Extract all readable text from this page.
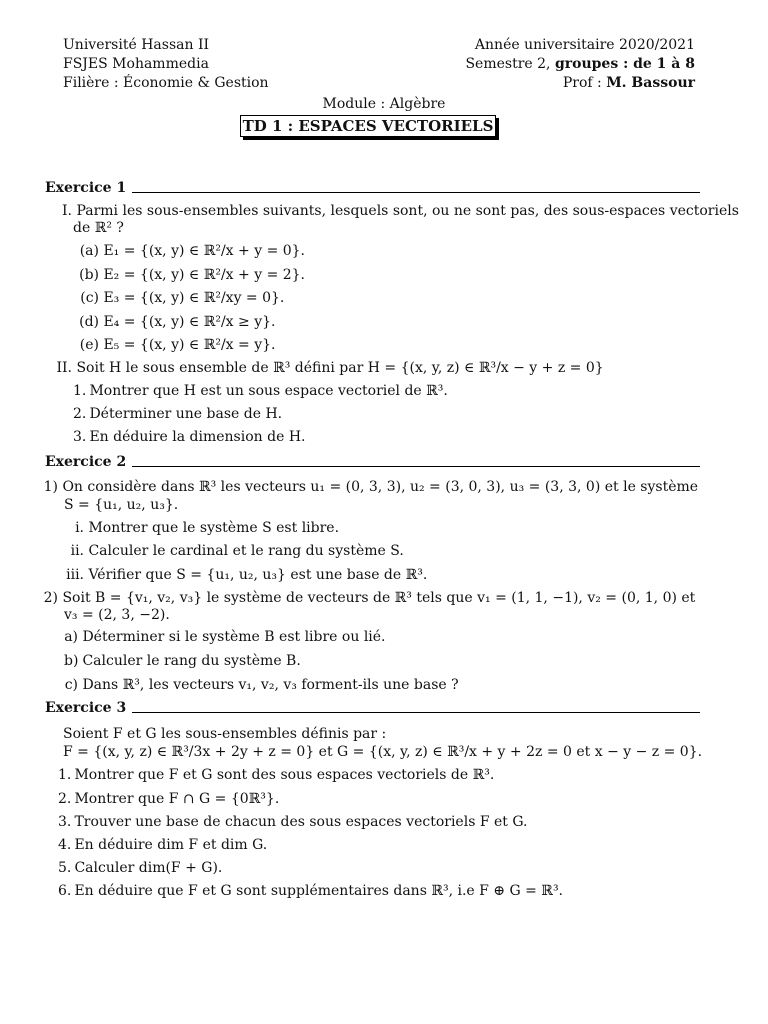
Université Hassan II
FSJES Mohammedia
Filière : Économie & Gestion
Année universitaire 2020/2021
Semestre 2, groupes : de 1 à 8
Prof : M. Bassour
Module : Algèbre
TD 1 : ESPACES VECTORIELS
Exercice 1
I. Parmi les sous-ensembles suivants, lesquels sont, ou ne sont pas, des sous-espaces vectoriels
de ℝ² ?
(a) E₁ = {(x, y) ∈ ℝ²/x + y = 0}.
(b) E₂ = {(x, y) ∈ ℝ²/x + y = 2}.
(c) E₃ = {(x, y) ∈ ℝ²/xy = 0}.
(d) E₄ = {(x, y) ∈ ℝ²/x ≥ y}.
(e) E₅ = {(x, y) ∈ ℝ²/x = y}.
II. Soit H le sous ensemble de ℝ³ défini par H = {(x, y, z) ∈ ℝ³/x − y + z = 0}
1. Montrer que H est un sous espace vectoriel de ℝ³.
2. Déterminer une base de H.
3. En déduire la dimension de H.
Exercice 2
1) On considère dans ℝ³ les vecteurs u₁ = (0, 3, 3), u₂ = (3, 0, 3), u₃ = (3, 3, 0) et le système
S = {u₁, u₂, u₃}.
i. Montrer que le système S est libre.
ii. Calculer le cardinal et le rang du système S.
iii. Vérifier que S = {u₁, u₂, u₃} est une base de ℝ³.
2) Soit B = {v₁, v₂, v₃} le système de vecteurs de ℝ³ tels que v₁ = (1, 1, −1), v₂ = (0, 1, 0) et
v₃ = (2, 3, −2).
a) Déterminer si le système B est libre ou lié.
b) Calculer le rang du système B.
c) Dans ℝ³, les vecteurs v₁, v₂, v₃ forment-ils une base ?
Exercice 3
Soient F et G les sous-ensembles définis par :
F = {(x, y, z) ∈ ℝ³/3x + 2y + z = 0} et G = {(x, y, z) ∈ ℝ³/x + y + 2z = 0 et x − y − z = 0}.
1. Montrer que F et G sont des sous espaces vectoriels de ℝ³.
2. Montrer que F ∩ G = {0ℝ³}.
3. Trouver une base de chacun des sous espaces vectoriels F et G.
4. En déduire dim F et dim G.
5. Calculer dim(F + G).
6. En déduire que F et G sont supplémentaires dans ℝ³, i.e F ⊕ G = ℝ³.
